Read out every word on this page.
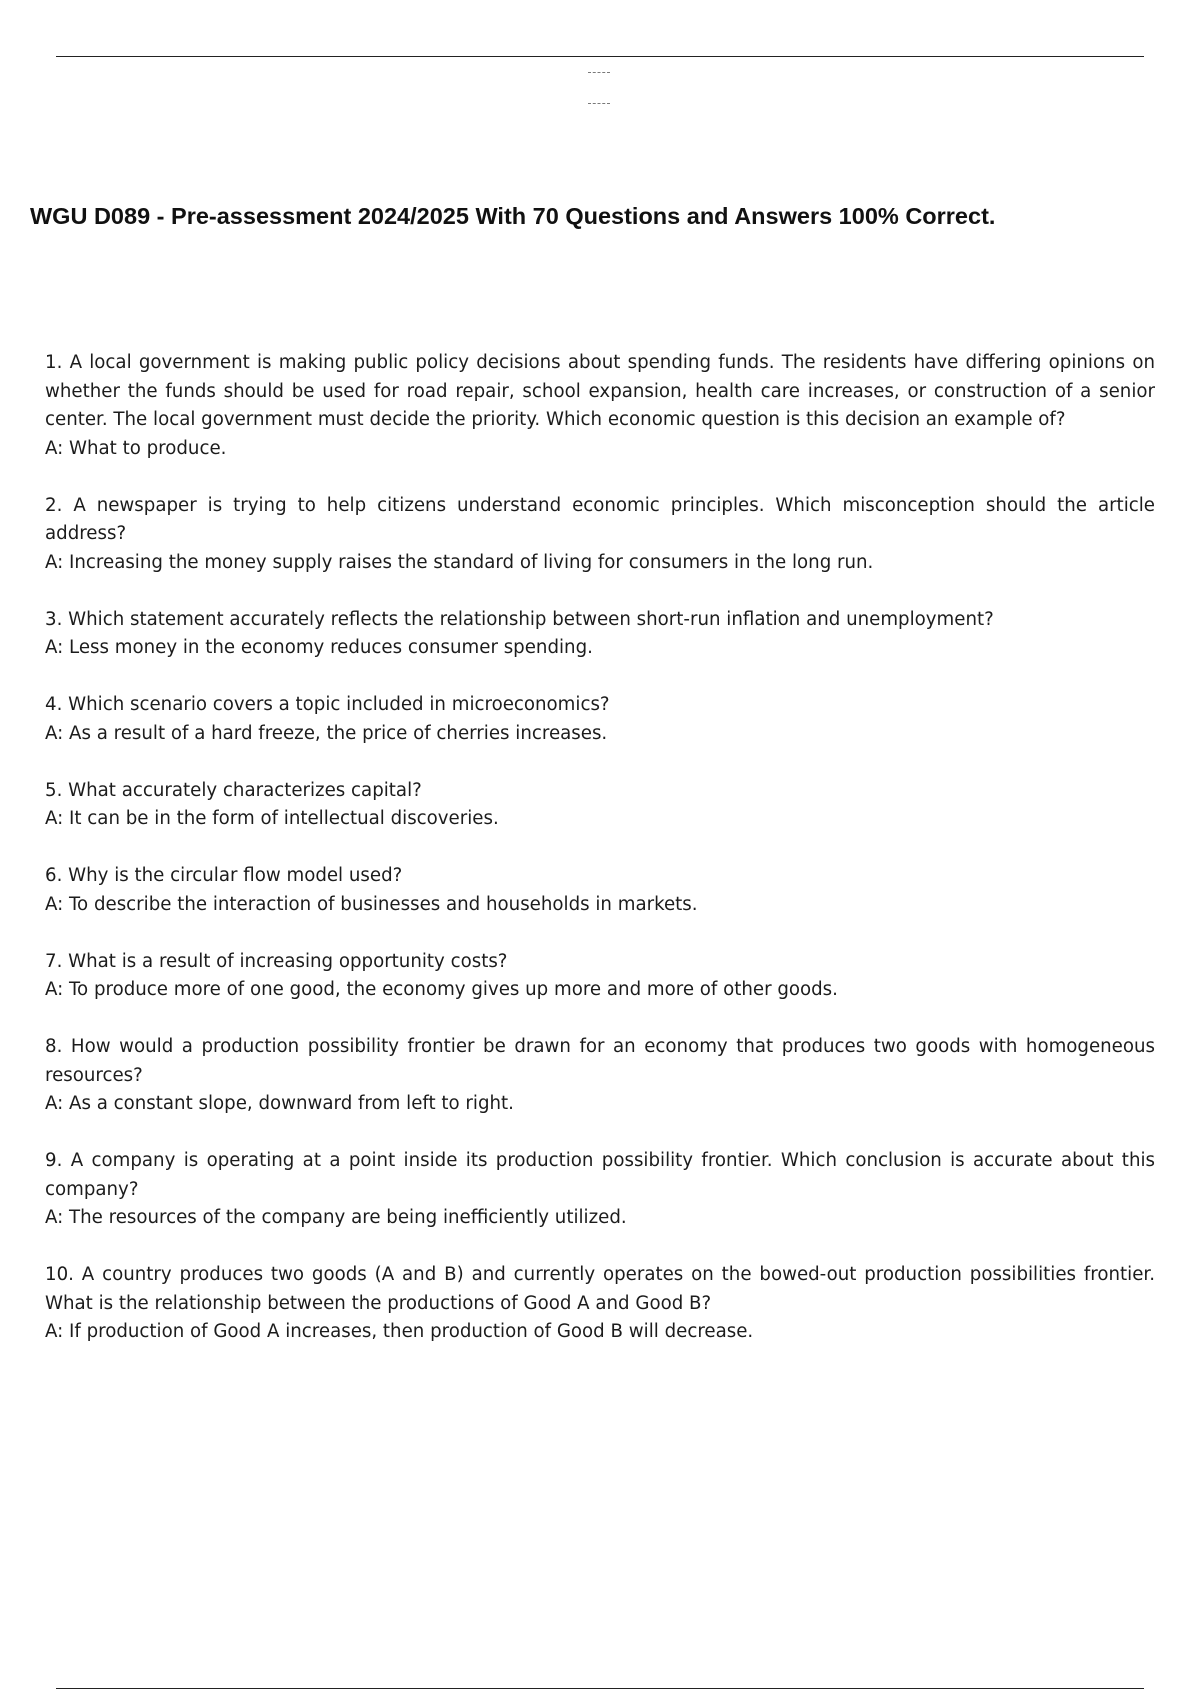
WGU D089 - Pre-assessment 2024/2025 With 70 Questions and Answers 100% Correct.

1. A local government is making public policy decisions about spending funds. The residents have differing opinions on whether the funds should be used for road repair, school expansion, health care increases, or construction of a senior center. The local government must decide the priority. Which economic question is this decision an example of?

A: What to produce.

2. A newspaper is trying to help citizens understand economic principles. Which misconception should the article address?

A: Increasing the money supply raises the standard of living for consumers in the long run.

3. Which statement accurately reflects the relationship between short-run inflation and unemployment?

A: Less money in the economy reduces consumer spending.

4. Which scenario covers a topic included in microeconomics?

A: As a result of a hard freeze, the price of cherries increases.

5. What accurately characterizes capital?

A: It can be in the form of intellectual discoveries.

6. Why is the circular flow model used?

A: To describe the interaction of businesses and households in markets.

7. What is a result of increasing opportunity costs?

A: To produce more of one good, the economy gives up more and more of other goods.

8. How would a production possibility frontier be drawn for an economy that produces two goods with homogeneous resources?

A: As a constant slope, downward from left to right.

9. A company is operating at a point inside its production possibility frontier. Which conclusion is accurate about this company?

A: The resources of the company are being inefficiently utilized.

10. A country produces two goods (A and B) and currently operates on the bowed-out production possibilities frontier. What is the relationship between the productions of Good A and Good B?

A: If production of Good A increases, then production of Good B will decrease.
